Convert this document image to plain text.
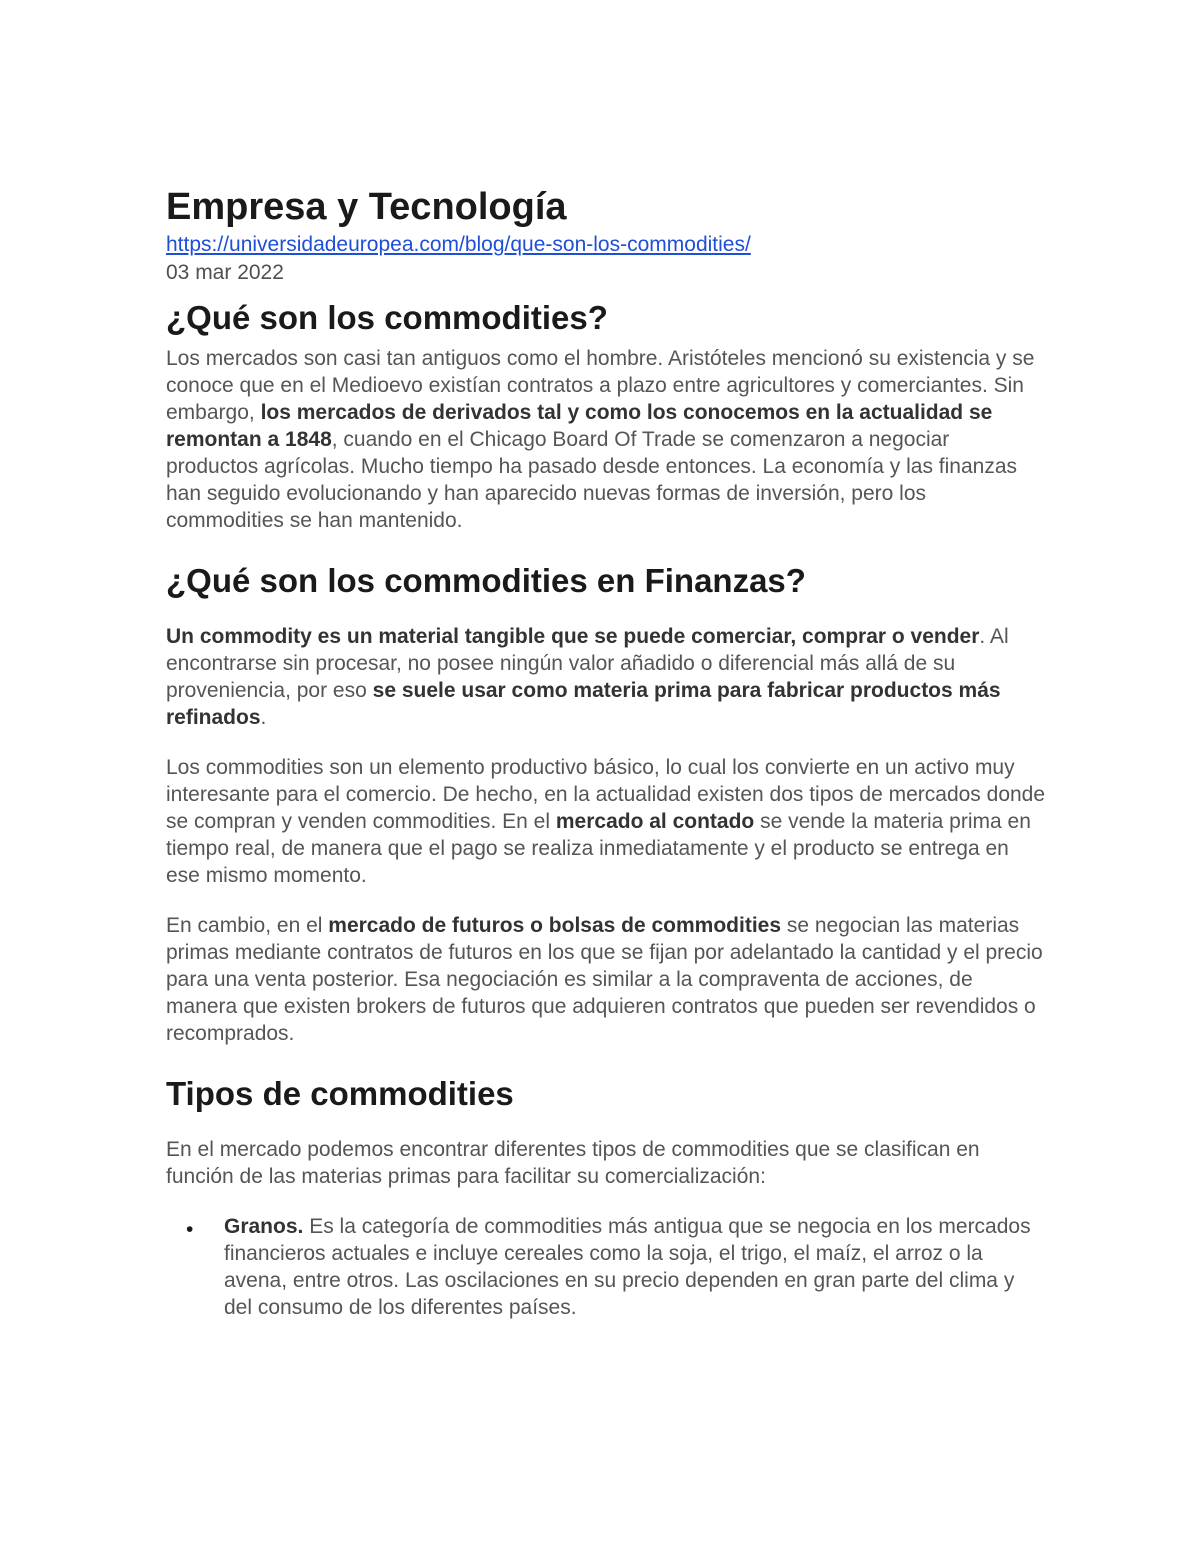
Empresa y Tecnología
https://universidadeuropea.com/blog/que-son-los-commodities/
03 mar 2022
¿Qué son los commodities?

Los mercados son casi tan antiguos como el hombre. Aristóteles mencionó su existencia y se conoce que en el Medioevo existían contratos a plazo entre agricultores y comerciantes. Sin embargo, los mercados de derivados tal y como los conocemos en la actualidad se remontan a 1848, cuando en el Chicago Board Of Trade se comenzaron a negociar productos agrícolas. Mucho tiempo ha pasado desde entonces. La economía y las finanzas han seguido evolucionando y han aparecido nuevas formas de inversión, pero los commodities se han mantenido.

¿Qué son los commodities en Finanzas?

Un commodity es un material tangible que se puede comerciar, comprar o vender. Al encontrarse sin procesar, no posee ningún valor añadido o diferencial más allá de su proveniencia, por eso se suele usar como materia prima para fabricar productos más refinados.

Los commodities son un elemento productivo básico, lo cual los convierte en un activo muy interesante para el comercio. De hecho, en la actualidad existen dos tipos de mercados donde se compran y venden commodities. En el mercado al contado se vende la materia prima en tiempo real, de manera que el pago se realiza inmediatamente y el producto se entrega en ese mismo momento.

En cambio, en el mercado de futuros o bolsas de commodities se negocian las materias primas mediante contratos de futuros en los que se fijan por adelantado la cantidad y el precio para una venta posterior. Esa negociación es similar a la compraventa de acciones, de manera que existen brokers de futuros que adquieren contratos que pueden ser revendidos o recomprados.

Tipos de commodities

En el mercado podemos encontrar diferentes tipos de commodities que se clasifican en función de las materias primas para facilitar su comercialización:

• Granos. Es la categoría de commodities más antigua que se negocia en los mercados financieros actuales e incluye cereales como la soja, el trigo, el maíz, el arroz o la avena, entre otros. Las oscilaciones en su precio dependen en gran parte del clima y del consumo de los diferentes países.
